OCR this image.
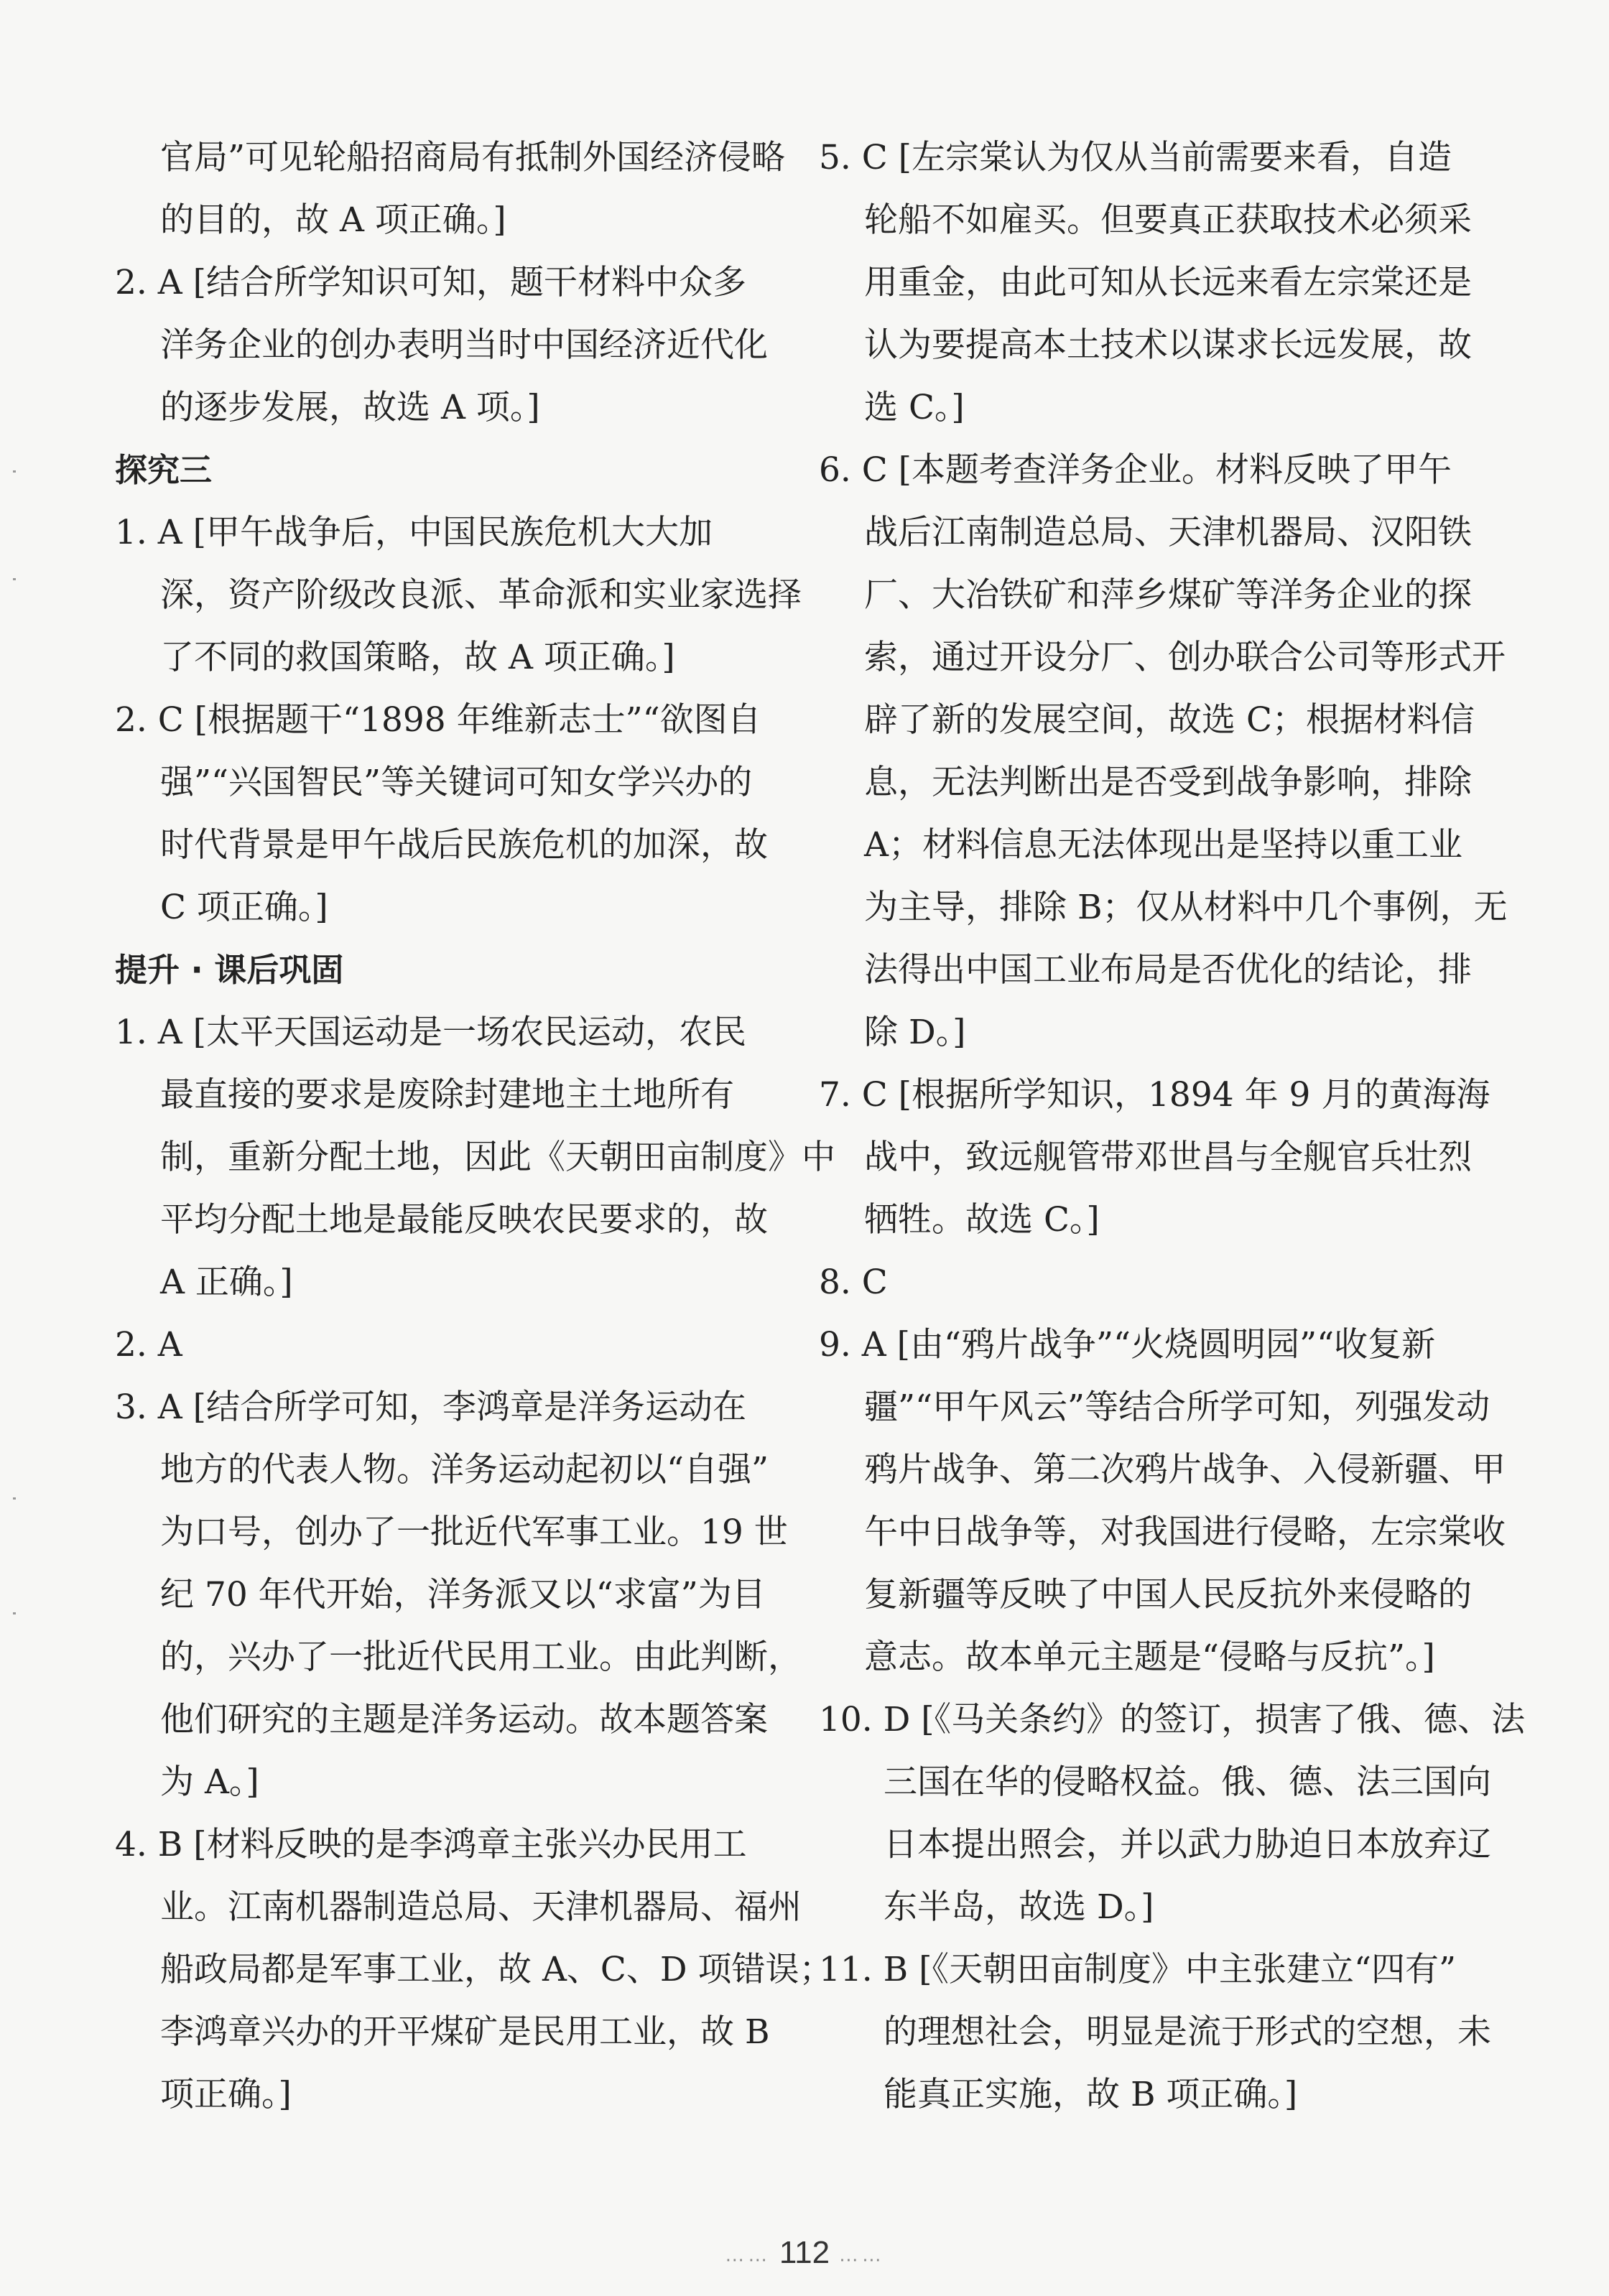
官局”可见轮船招商局有抵制外国经济侵略

的目的，故 A 项正确。]

2. A [结合所学知识可知，题干材料中众多

洋务企业的创办表明当时中国经济近代化

的逐步发展，故选 A 项。]

探究三

1. A [甲午战争后，中国民族危机大大加

深，资产阶级改良派、革命派和实业家选择

了不同的救国策略，故 A 项正确。]

2. C [根据题干“1898 年维新志士”“欲图自

强”“兴国智民”等关键词可知女学兴办的

时代背景是甲午战后民族危机的加深，故

C 项正确。]

提升 · 课后巩固

1. A [太平天国运动是一场农民运动，农民

最直接的要求是废除封建地主土地所有

制，重新分配土地，因此《天朝田亩制度》中

平均分配土地是最能反映农民要求的，故

A 正确。]

2. A

3. A [结合所学可知，李鸿章是洋务运动在

地方的代表人物。洋务运动起初以“自强”

为口号，创办了一批近代军事工业。19 世

纪 70 年代开始，洋务派又以“求富”为目

的，兴办了一批近代民用工业。由此判断，

他们研究的主题是洋务运动。故本题答案

为 A。]

4. B [材料反映的是李鸿章主张兴办民用工

业。江南机器制造总局、天津机器局、福州

船政局都是军事工业，故 A、C、D 项错误；

李鸿章兴办的开平煤矿是民用工业，故 B

项正确。]

5. C [左宗棠认为仅从当前需要来看，自造

轮船不如雇买。但要真正获取技术必须采

用重金，由此可知从长远来看左宗棠还是

认为要提高本土技术以谋求长远发展，故

选 C。]

6. C [本题考查洋务企业。材料反映了甲午

战后江南制造总局、天津机器局、汉阳铁

厂、大冶铁矿和萍乡煤矿等洋务企业的探

索，通过开设分厂、创办联合公司等形式开

辟了新的发展空间，故选 C；根据材料信

息，无法判断出是否受到战争影响，排除

A；材料信息无法体现出是坚持以重工业

为主导，排除 B；仅从材料中几个事例，无

法得出中国工业布局是否优化的结论，排

除 D。]

7. C [根据所学知识，1894 年 9 月的黄海海

战中，致远舰管带邓世昌与全舰官兵壮烈

牺牲。故选 C。]

8. C

9. A [由“鸦片战争”“火烧圆明园”“收复新

疆”“甲午风云”等结合所学可知，列强发动

鸦片战争、第二次鸦片战争、入侵新疆、甲

午中日战争等，对我国进行侵略，左宗棠收

复新疆等反映了中国人民反抗外来侵略的

意志。故本单元主题是“侵略与反抗”。]

10. D [《马关条约》的签订，损害了俄、德、法

三国在华的侵略权益。俄、德、法三国向

日本提出照会，并以武力胁迫日本放弃辽

东半岛，故选 D。]

11. B [《天朝田亩制度》中主张建立“四有”

的理想社会，明显是流于形式的空想，未

能真正实施，故 B 项正确。]

…… 112 ……
